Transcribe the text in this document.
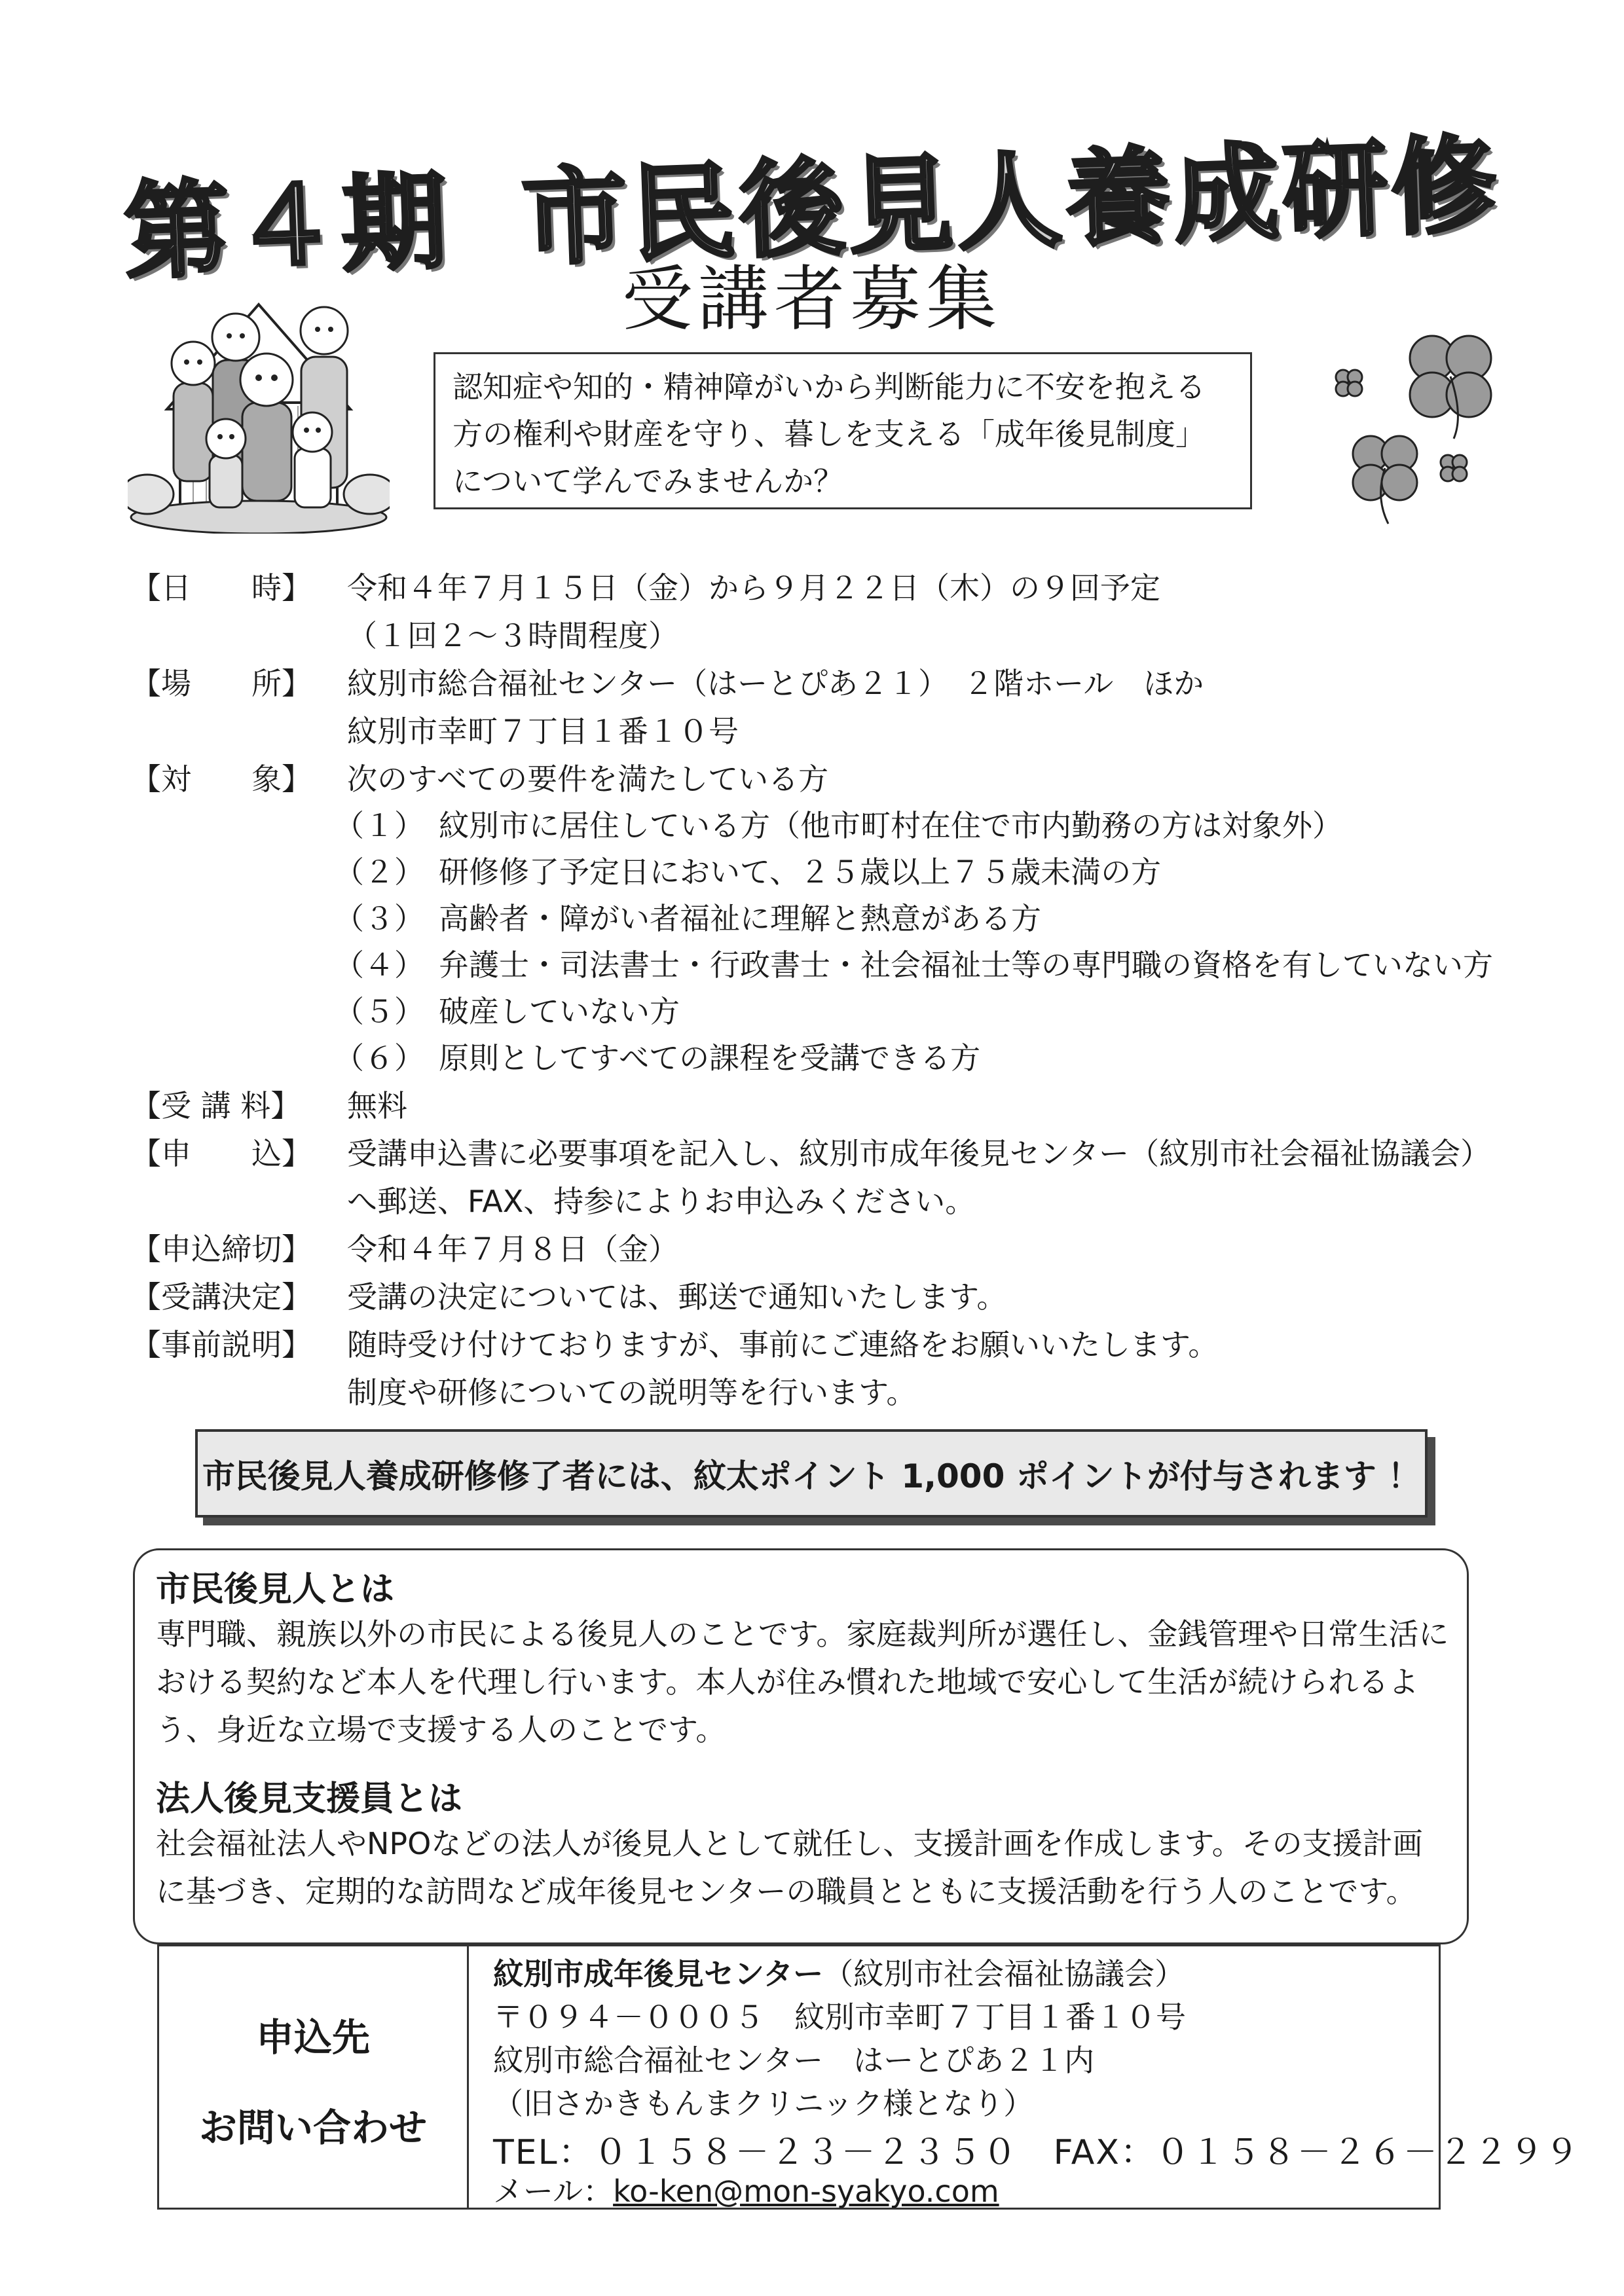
第４期 市民後見人養成研修
受講者募集
認知症や知的・精神障がいから判断能力に不安を抱える
方の権利や財産を守り、暮しを支える「成年後見制度」
について学んでみませんか？
【日　　時】	令和４年７月１５日（金）から９月２２日（木）の９回予定
（１回２～３時間程度）
【場　　所】	紋別市総合福祉センター（はーとぴあ２１）　２階ホール　ほか
紋別市幸町７丁目１番１０号
【対　　象】	次のすべての要件を満たしている方
（１） 紋別市に居住している方（他市町村在住で市内勤務の方は対象外）
（２） 研修修了予定日において、２５歳以上７５歳未満の方
（３） 高齢者・障がい者福祉に理解と熱意がある方
（４） 弁護士・司法書士・行政書士・社会福祉士等の専門職の資格を有していない方
（５） 破産していない方
（６） 原則としてすべての課程を受講できる方
【受 講 料】	無料
【申　　込】	受講申込書に必要事項を記入し、紋別市成年後見センター（紋別市社会福祉協議会）
へ郵送、FAX、持参によりお申込みください。
【申込締切】	令和４年７月８日（金）
【受講決定】	受講の決定については、郵送で通知いたします。
【事前説明】	随時受け付けておりますが、事前にご連絡をお願いいたします。
制度や研修についての説明等を行います。
市民後見人養成研修修了者には、紋太ポイント 1,000 ポイントが付与されます ！
市民後見人とは
専門職、親族以外の市民による後見人のことです。家庭裁判所が選任し、金銭管理や日常生活に
おける契約など本人を代理し行います。本人が住み慣れた地域で安心して生活が続けられるよ
う、身近な立場で支援する人のことです。
法人後見支援員とは
社会福祉法人やNPOなどの法人が後見人として就任し、支援計画を作成します。その支援計画
に基づき、定期的な訪問など成年後見センターの職員とともに支援活動を行う人のことです。
申込先
お問い合わせ
紋別市成年後見センター（紋別市社会福祉協議会）
〒０９４－０００５　紋別市幸町７丁目１番１０号
紋別市総合福祉センター　はーとぴあ２１内
（旧さかきもんまクリニック様となり）
TEL：０１５８－２３－２３５０　FAX：０１５８－２６－２２９９
メール：ko-ken@mon-syakyo.com
